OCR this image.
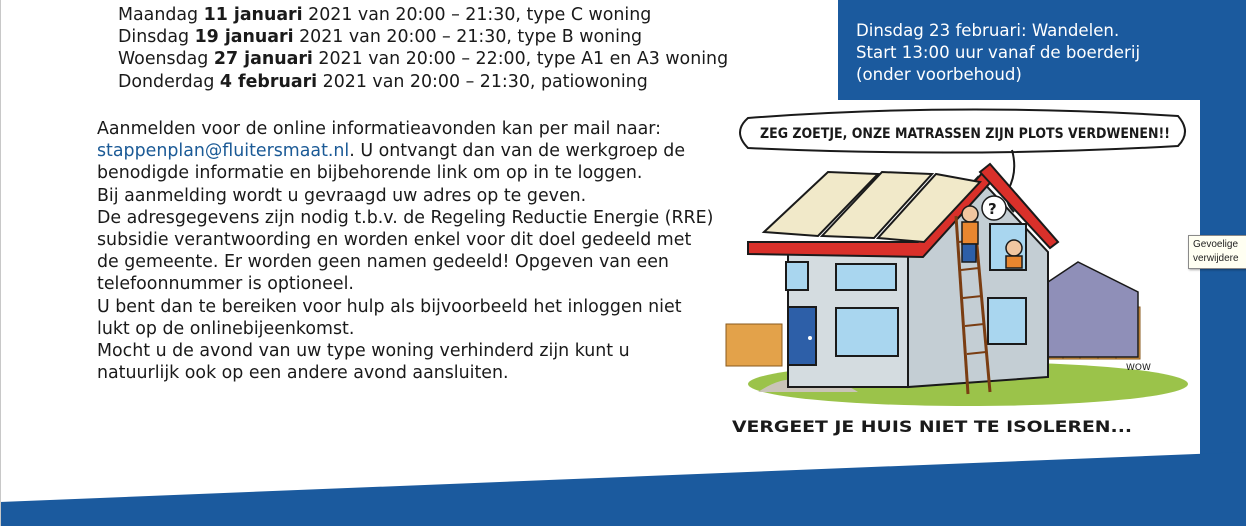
Maandag 11 januari 2021 van 20:00 – 21:30, type C woning
Dinsdag 19 januari 2021 van 20:00 – 21:30, type B woning
Woensdag 27 januari 2021 van 20:00 – 22:00, type A1 en A3 woning
Donderdag 4 februari 2021 van 20:00 – 21:30, patiowoning

Aanmelden voor de online informatieavonden kan per mail naar: stappenplan@fluitersmaat.nl. U ontvangt dan van de werkgroep de benodigde informatie en bijbehorende link om op in te loggen.

Bij aanmelding wordt u gevraagd uw adres op te geven.

De adresgegevens zijn nodig t.b.v. de Regeling Reductie Energie (RRE) subsidie verantwoording en worden enkel voor dit doel gedeeld met de gemeente. Er worden geen namen gedeeld! Opgeven van een telefoonnummer is optioneel.

U bent dan te bereiken voor hulp als bijvoorbeeld het inloggen niet lukt op de onlinebijeenkomst.

Mocht u de avond van uw type woning verhinderd zijn kunt u natuurlijk ook op een andere avond aansluiten.

Dinsdag 23 februari: Wandelen.
Start 13:00 uur vanaf de boerderij
(onder voorbehoud)
ZEG ZOETJE, ONZE MATRASSEN ZIJN PLOTS VERDWENEN!!
?
WOW
VERGEET JE HUIS NIET TE ISOLEREN...
Gevoelige
verwijdere
